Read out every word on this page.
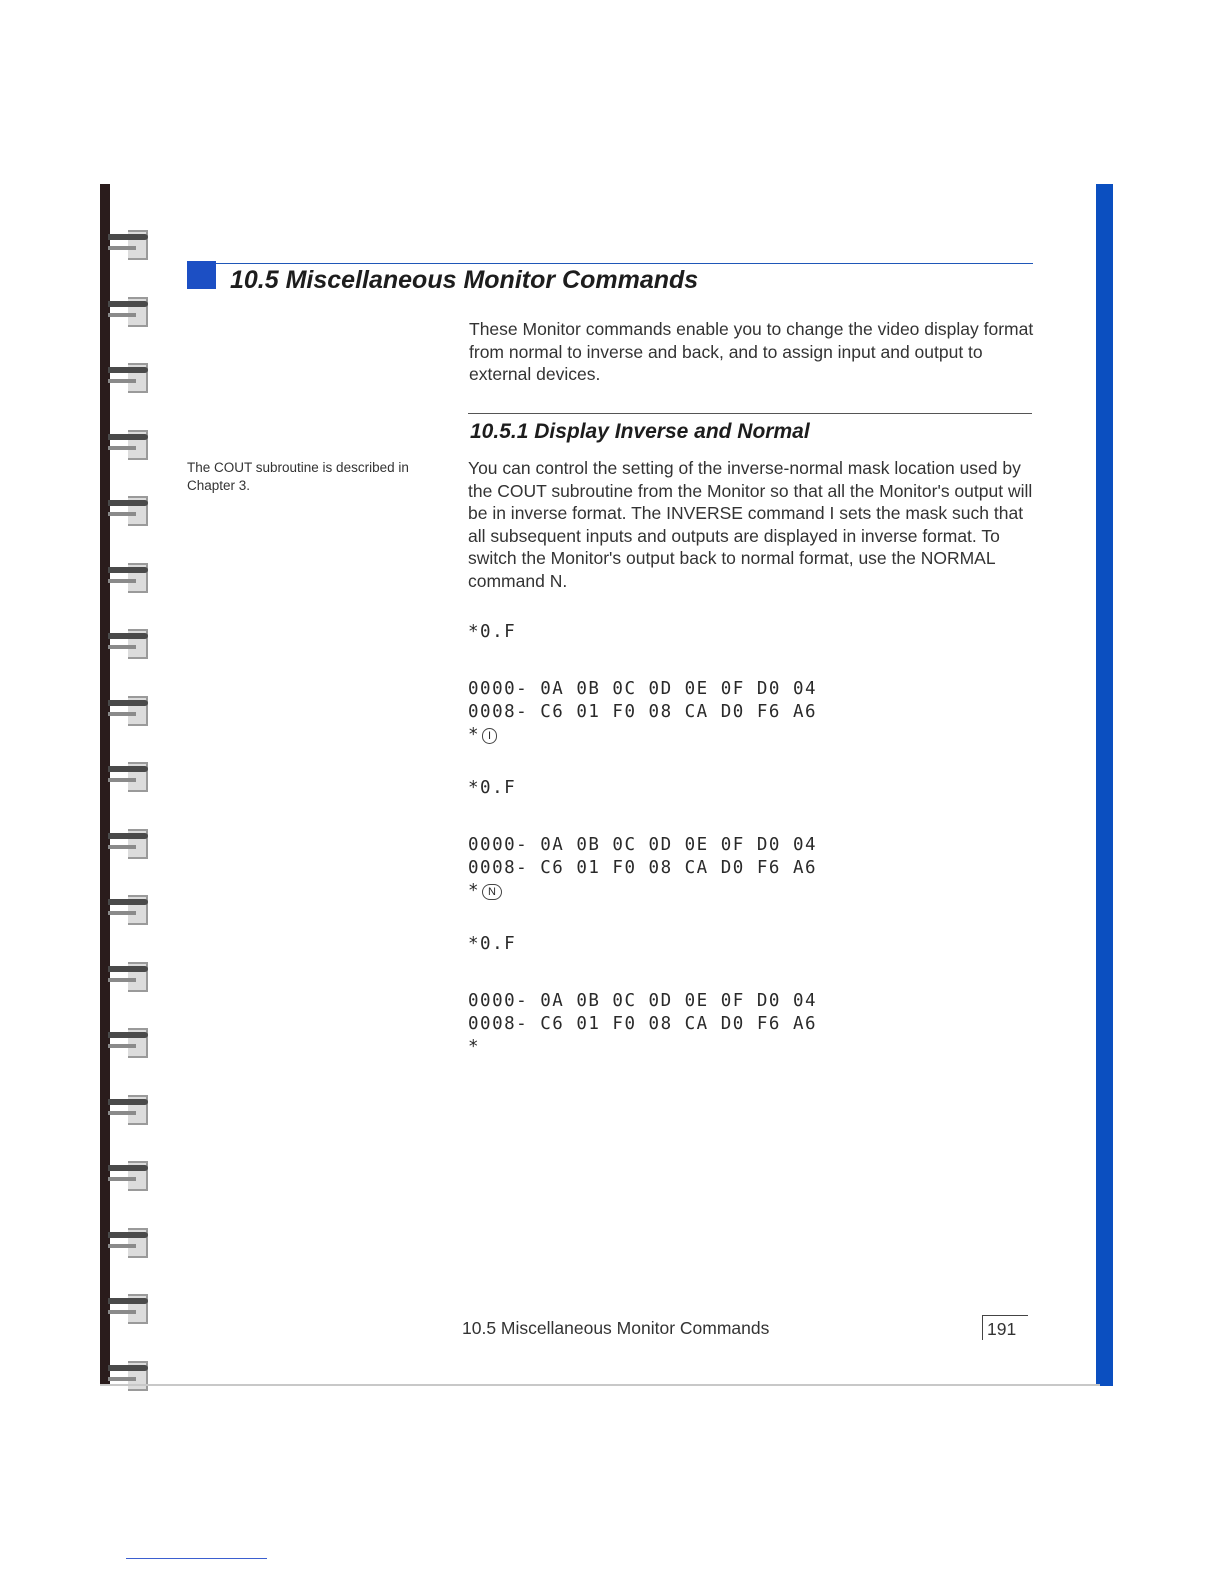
10.5 Miscellaneous Monitor Commands

These Monitor commands enable you to change the video display format from normal to inverse and back, and to assign input and output to external devices.

10.5.1 Display Inverse and Normal

The COUT subroutine is described in Chapter 3.

You can control the setting of the inverse-normal mask location used by the COUT subroutine from the Monitor so that all the Monitor's output will be in inverse format. The INVERSE command I sets the mask such that all subsequent inputs and outputs are displayed in inverse format. To switch the Monitor's output back to normal format, use the NORMAL command N.

*0.F
0000- 0A 0B 0C 0D 0E 0F D0 04
0008- C6 01 F0 08 CA D0 F6 A6
* I
*0.F
0000- 0A 0B 0C 0D 0E 0F D0 04
0008- C6 01 F0 08 CA D0 F6 A6
* N
*0.F
0000- 0A 0B 0C 0D 0E 0F D0 04
0008- C6 01 F0 08 CA D0 F6 A6
*

10.5 Miscellaneous Monitor Commands	191
